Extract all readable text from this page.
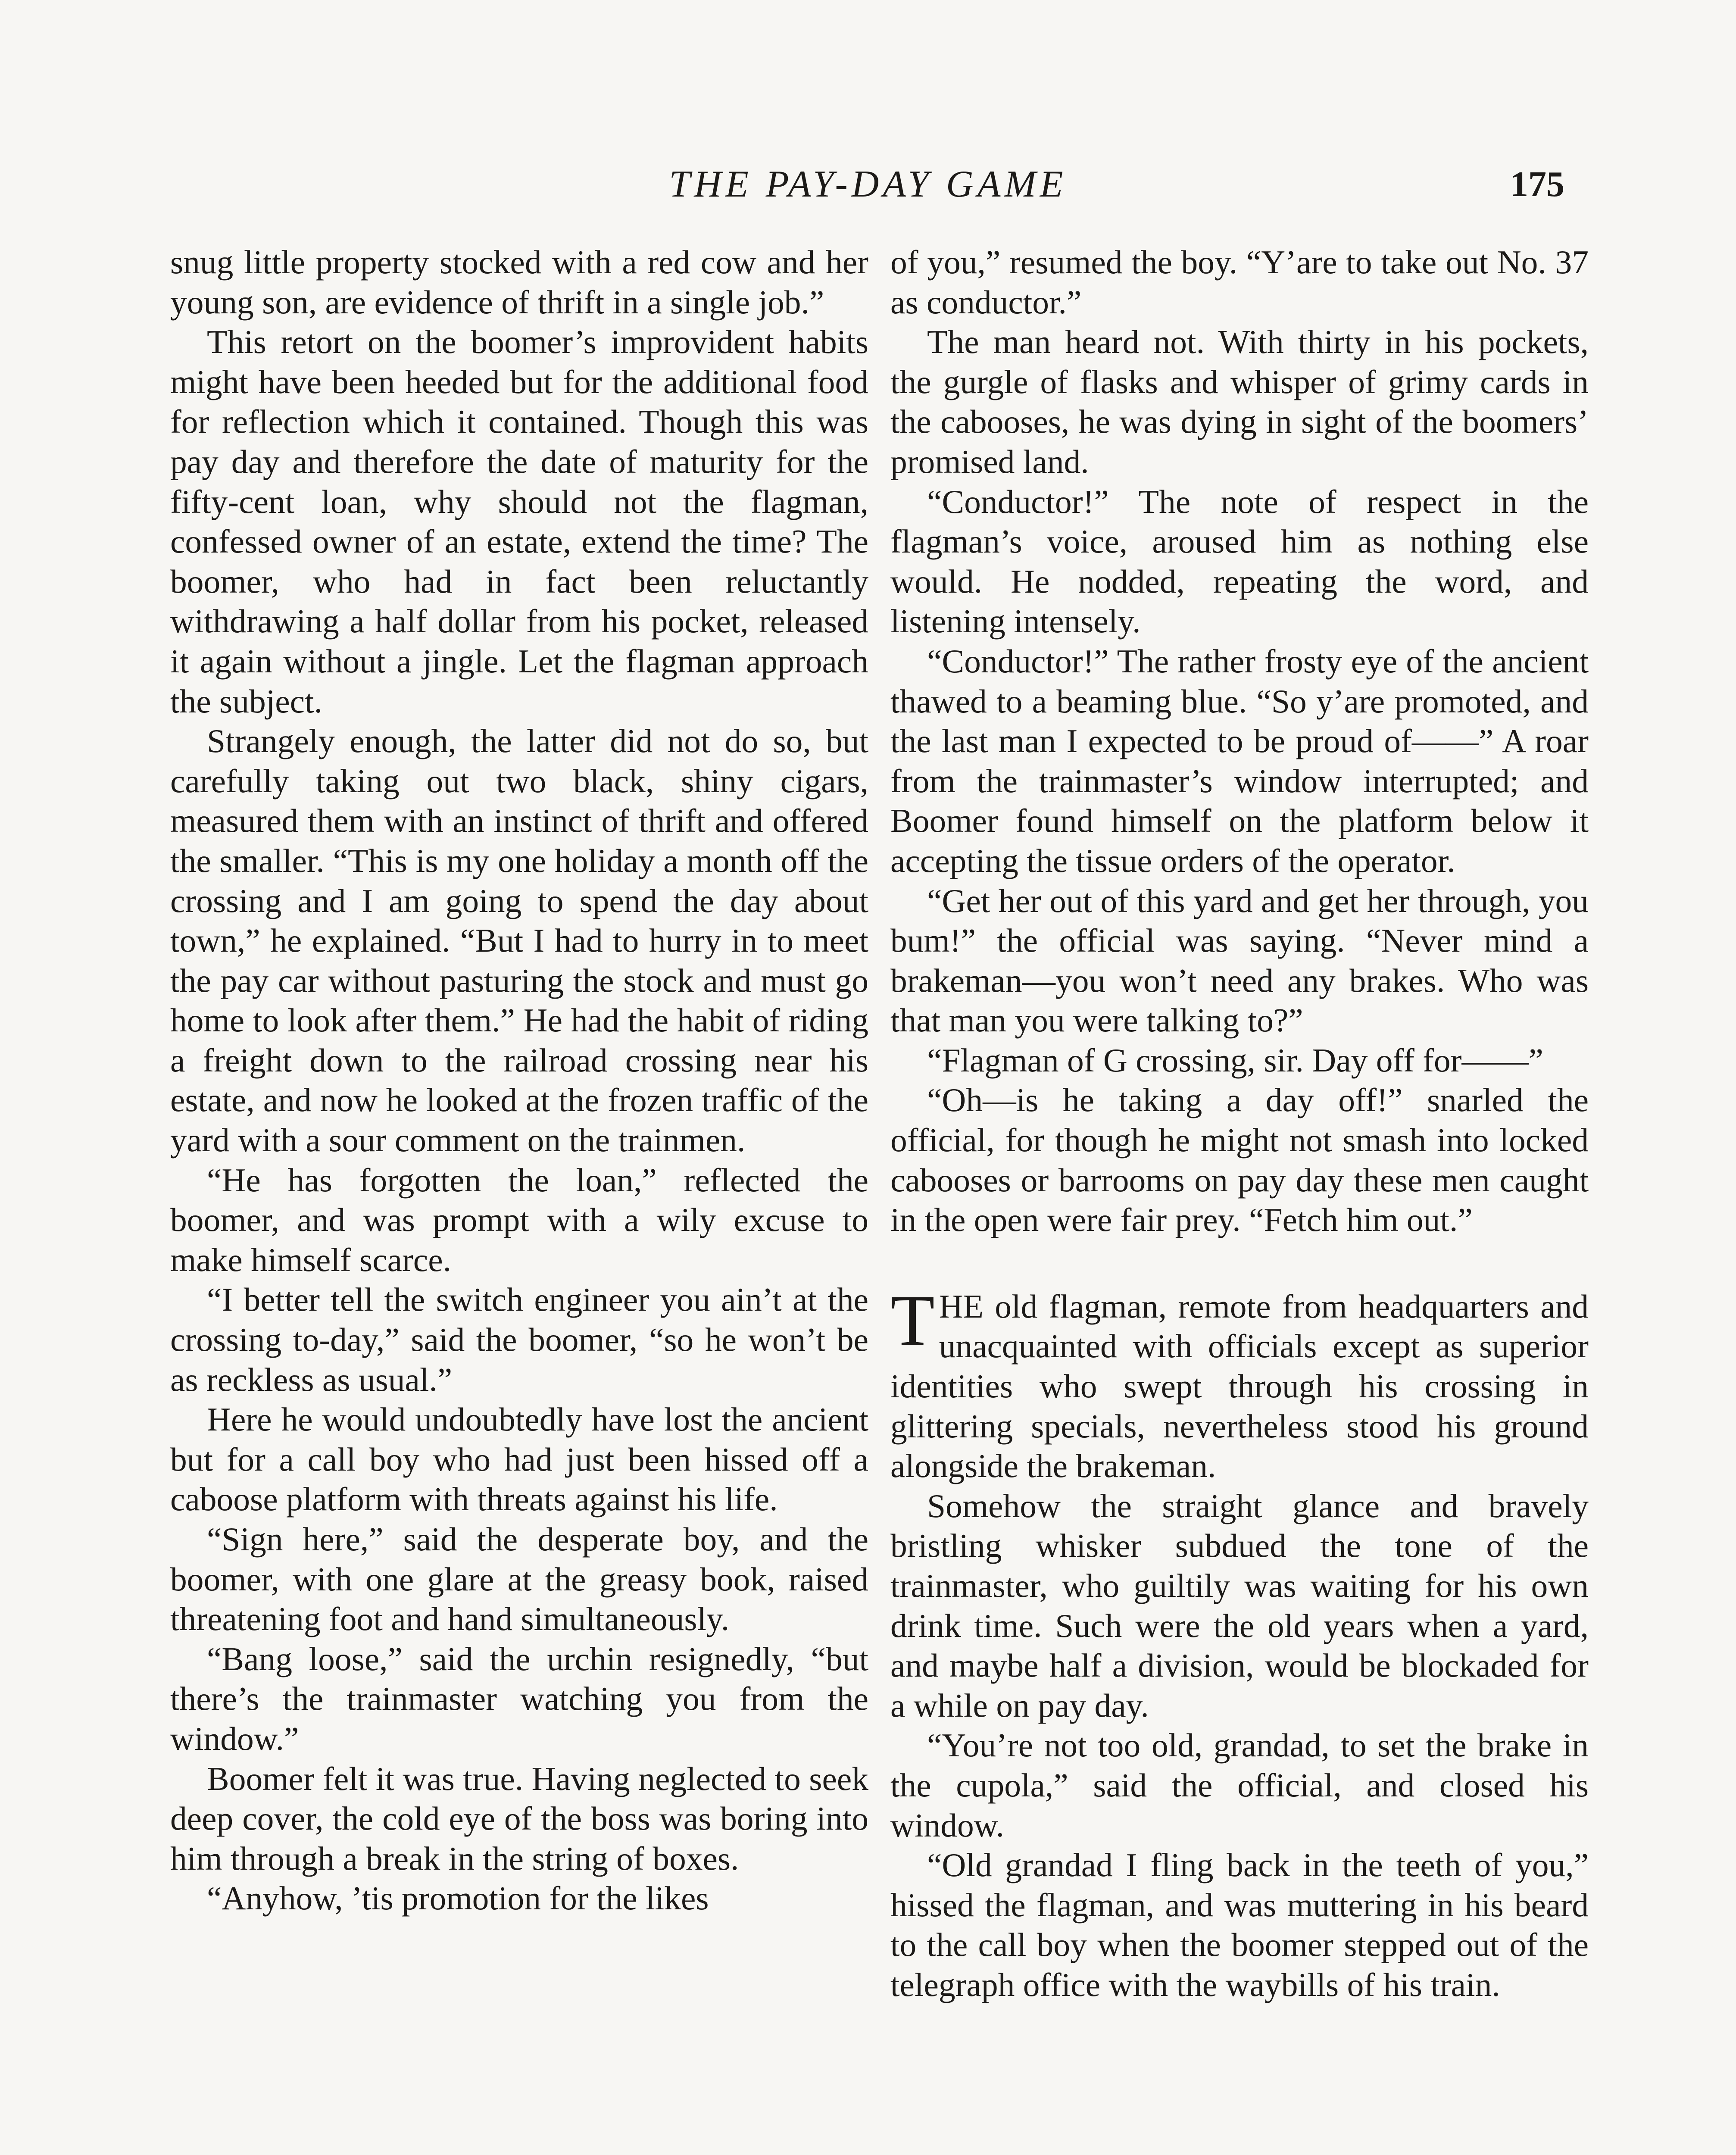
THE PAY-DAY GAME	175

snug little property stocked with a red cow and her young son, are evidence of thrift in a single job.”

This retort on the boomer’s improvident habits might have been heeded but for the additional food for reflection which it contained. Though this was pay day and therefore the date of maturity for the fifty-cent loan, why should not the flagman, confessed owner of an estate, extend the time? The boomer, who had in fact been reluctantly withdrawing a half dollar from his pocket, released it again without a jingle. Let the flagman approach the subject.

Strangely enough, the latter did not do so, but carefully taking out two black, shiny cigars, measured them with an instinct of thrift and offered the smaller. “This is my one holiday a month off the crossing and I am going to spend the day about town,” he explained. “But I had to hurry in to meet the pay car without pasturing the stock and must go home to look after them.” He had the habit of riding a freight down to the railroad crossing near his estate, and now he looked at the frozen traffic of the yard with a sour comment on the trainmen.

“He has forgotten the loan,” reflected the boomer, and was prompt with a wily excuse to make himself scarce.

“I better tell the switch engineer you ain’t at the crossing to-day,” said the boomer, “so he won’t be as reckless as usual.”

Here he would undoubtedly have lost the ancient but for a call boy who had just been hissed off a caboose platform with threats against his life.

“Sign here,” said the desperate boy, and the boomer, with one glare at the greasy book, raised threatening foot and hand simultaneously.

“Bang loose,” said the urchin resignedly, “but there’s the trainmaster watching you from the window.”

Boomer felt it was true. Having neglected to seek deep cover, the cold eye of the boss was boring into him through a break in the string of boxes.

“Anyhow, ’tis promotion for the likes

of you,” resumed the boy. “Y’are to take out No. 37 as conductor.”

The man heard not. With thirty in his pockets, the gurgle of flasks and whisper of grimy cards in the cabooses, he was dying in sight of the boomers’ promised land.

“Conductor!” The note of respect in the flagman’s voice, aroused him as nothing else would. He nodded, repeating the word, and listening intensely.

“Conductor!” The rather frosty eye of the ancient thawed to a beaming blue. “So y’are promoted, and the last man I expected to be proud of——” A roar from the trainmaster’s window interrupted; and Boomer found himself on the platform below it accepting the tissue orders of the operator.

“Get her out of this yard and get her through, you bum!” the official was saying. “Never mind a brakeman—you won’t need any brakes. Who was that man you were talking to?”

“Flagman of G crossing, sir. Day off for——”

“Oh—is he taking a day off!” snarled the official, for though he might not smash into locked cabooses or barrooms on pay day these men caught in the open were fair prey. “Fetch him out.”

THE old flagman, remote from headquarters and unacquainted with officials except as superior identities who swept through his crossing in glittering specials, nevertheless stood his ground alongside the brakeman.

Somehow the straight glance and bravely bristling whisker subdued the tone of the trainmaster, who guiltily was waiting for his own drink time. Such were the old years when a yard, and maybe half a division, would be blockaded for a while on pay day.

“You’re not too old, grandad, to set the brake in the cupola,” said the official, and closed his window.

“Old grandad I fling back in the teeth of you,” hissed the flagman, and was muttering in his beard to the call boy when the boomer stepped out of the telegraph office with the waybills of his train.
